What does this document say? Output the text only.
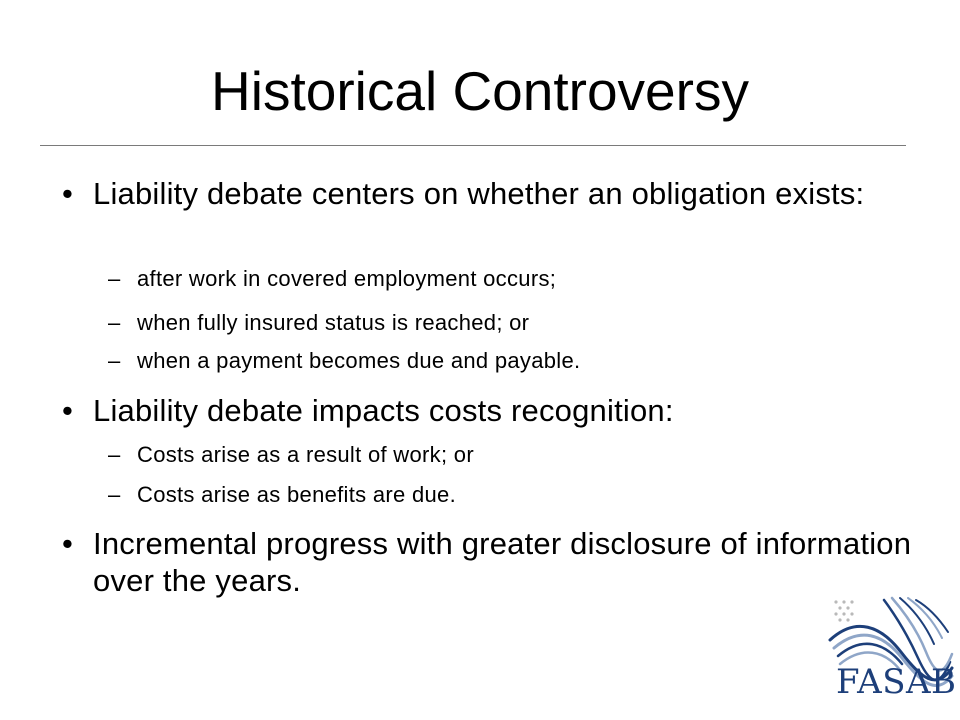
Historical Controversy
• Liability debate centers on whether an obligation exists:
– after work in covered employment occurs;
– when fully insured status is reached; or
– when a payment becomes due and payable.
• Liability debate impacts costs recognition:
– Costs arise as a result of work; or
– Costs arise as benefits are due.
• Incremental progress with greater disclosure of information over the years.
FASAB
